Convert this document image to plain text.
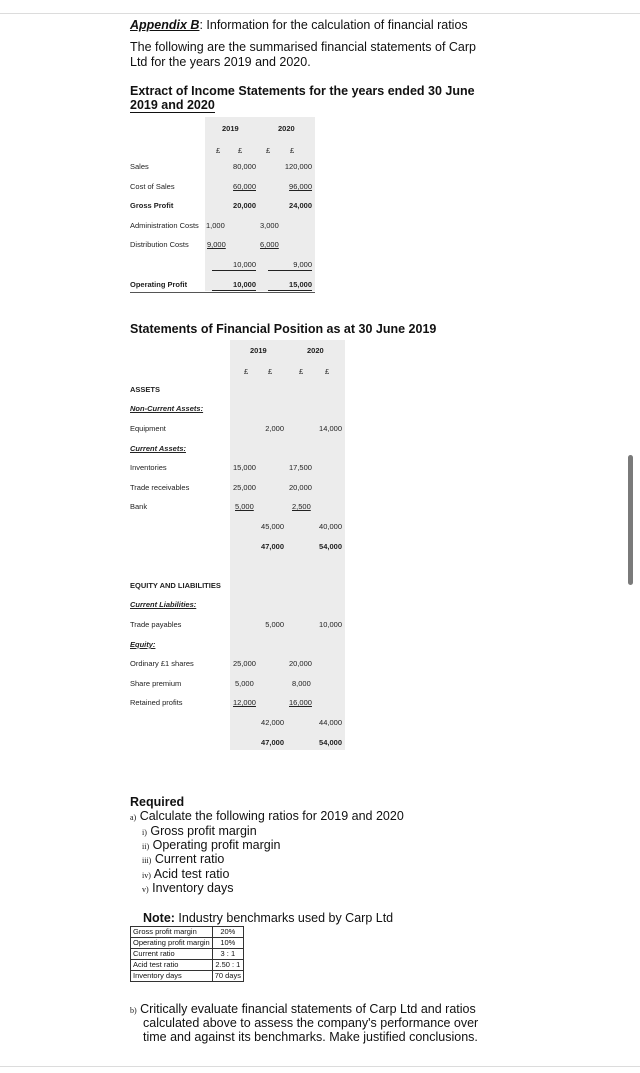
Appendix B: Information for the calculation of financial ratios
The following are the summarised financial statements of Carp
Ltd for the years 2019 and 2020.
Extract of Income Statements for the years ended 30 June
2019 and 2020
2019	2020
£ £	£	£
Sales	80,000	120,000
Cost of Sales	60,000	96,000
Gross Profit	20,000	24,000
Administration Costs 1,000	3,000
Distribution Costs 9,000	6,000
10,000	9,000
Operating Profit	10,000	15,000
Statements of Financial Position as at 30 June 2019
2019	2020
£	£	£	£
ASSETS
Non-Current Assets:
Equipment	2,000	14,000
Current Assets:
Inventories	15,000	17,500
Trade receivables	25,000	20,000
Bank	5,000	2,500
45,000	40,000
47,000	54,000
EQUITY AND LIABILITIES
Current Liabilities:
Trade payables	5,000	10,000
Equity:
Ordinary £1 shares	25,000	20,000
Share premium	5,000	8,000
Retained profits	12,000	16,000
42,000	44,000
47,000	54,000
Required
a) Calculate the following ratios for 2019 and 2020
i) Gross profit margin
ii) Operating profit margin
iii) Current ratio
iv) Acid test ratio
v) Inventory days
Note: Industry benchmarks used by Carp Ltd
Gross profit margin	20%
Operating profit margin	10%
Current ratio	3 : 1
Acid test ratio	2.50 : 1
Inventory days	70 days
b) Critically evaluate financial statements of Carp Ltd and ratios
calculated above to assess the company's performance over
time and against its benchmarks. Make justified conclusions.
